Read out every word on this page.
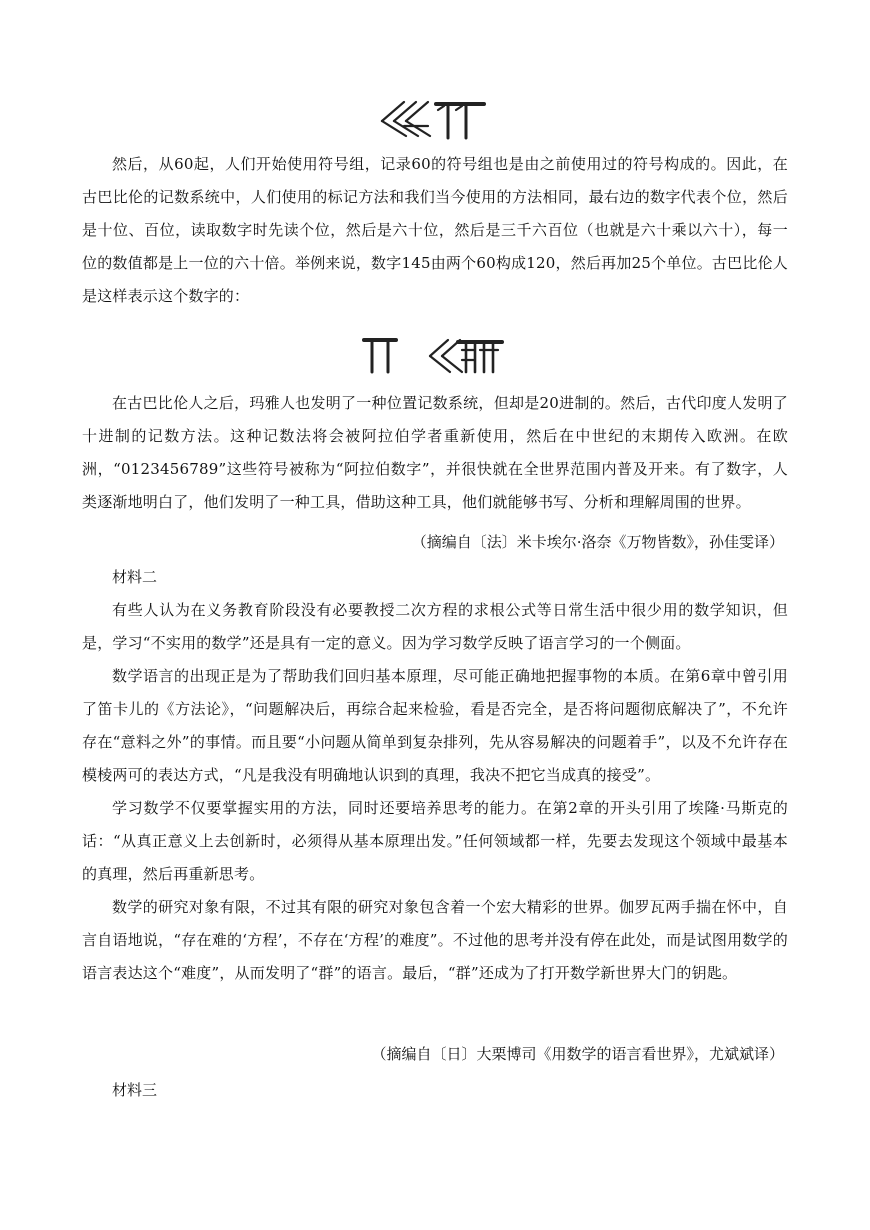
然后，从60起，人们开始使用符号组，记录60的符号组也是由之前使用过的符号构成的。因此，在古巴比伦的记数系统中，人们使用的标记方法和我们当今使用的方法相同，最右边的数字代表个位，然后是十位、百位，读取数字时先读个位，然后是六十位，然后是三千六百位（也就是六十乘以六十），每一位的数值都是上一位的六十倍。举例来说，数字145由两个60构成120，然后再加25个单位。古巴比伦人是这样表示这个数字的：

在古巴比伦人之后，玛雅人也发明了一种位置记数系统，但却是20进制的。然后，古代印度人发明了十进制的记数方法。这种记数法将会被阿拉伯学者重新使用，然后在中世纪的末期传入欧洲。在欧洲，“0123456789”这些符号被称为“阿拉伯数字”，并很快就在全世界范围内普及开来。有了数字，人类逐渐地明白了，他们发明了一种工具，借助这种工具，他们就能够书写、分析和理解周围的世界。

（摘编自〔法〕米卡埃尔·洛奈《万物皆数》，孙佳雯译）

材料二

有些人认为在义务教育阶段没有必要教授二次方程的求根公式等日常生活中很少用的数学知识，但是，学习“不实用的数学”还是具有一定的意义。因为学习数学反映了语言学习的一个侧面。

数学语言的出现正是为了帮助我们回归基本原理，尽可能正确地把握事物的本质。在第6章中曾引用了笛卡儿的《方法论》，“问题解决后，再综合起来检验，看是否完全，是否将问题彻底解决了”，不允许存在“意料之外”的事情。而且要“小问题从简单到复杂排列，先从容易解决的问题着手”，以及不允许存在模棱两可的表达方式，“凡是我没有明确地认识到的真理，我决不把它当成真的接受”。

学习数学不仅要掌握实用的方法，同时还要培养思考的能力。在第2章的开头引用了埃隆·马斯克的话：“从真正意义上去创新时，必须得从基本原理出发。”任何领域都一样，先要去发现这个领域中最基本的真理，然后再重新思考。

数学的研究对象有限，不过其有限的研究对象包含着一个宏大精彩的世界。伽罗瓦两手揣在怀中，自言自语地说，“存在难的‘方程’，不存在‘方程’的难度”。不过他的思考并没有停在此处，而是试图用数学的语言表达这个“难度”，从而发明了“群”的语言。最后，“群”还成为了打开数学新世界大门的钥匙。

（摘编自〔日〕大栗博司《用数学的语言看世界》，尤斌斌译）

材料三
